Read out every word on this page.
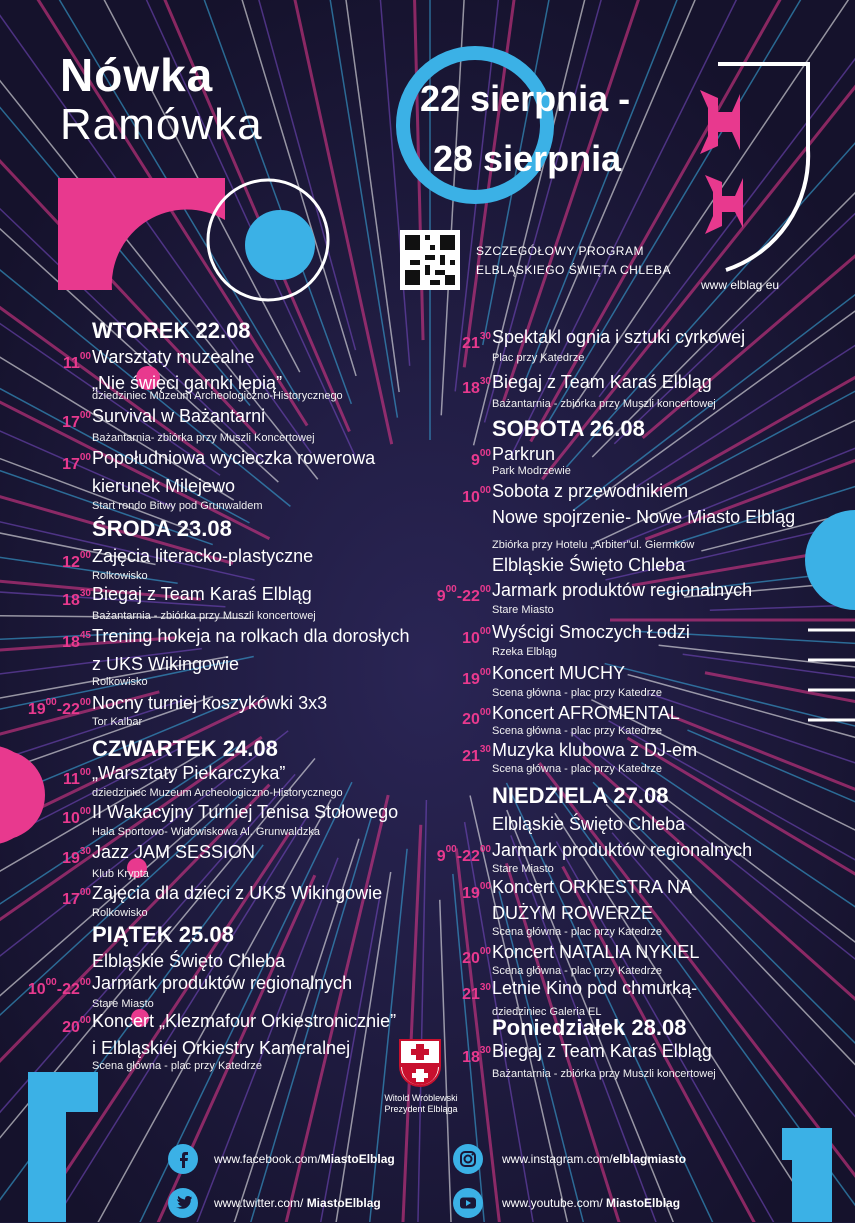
Nówka
Ramówka
22 sierpnia -
28 sierpnia
SZCZEGÓŁOWY PROGRAM
ELBLĄSKIEGO ŚWIĘTA CHLEBA
www elblag eu
WTOREK 22.08
$11^{00}$ Warsztaty muzealne
„Nie święci garnki lepią”
dziedziniec Muzeum Archeologiczno-Historycznego
$17^{00}$ Survival w Bażantarni
Bażantarnia- zbiórka przy Muszli Koncertowej
$17^{00}$ Popołudniowa wycieczka rowerowa
kierunek Milejewo
Start rondo Bitwy pod Grunwaldem
ŚRODA 23.08
$12^{00}$ Zajęcia literacko-plastyczne
Rolkowisko
$18^{30}$ Biegaj z Team Karaś Elbląg
Bażantarnia - zbiórka przy Muszli koncertowej
$18^{45}$ Trening hokeja na rolkach dla dorosłych
z UKS Wikingowie
Rolkowisko
$19^{00}-22^{00}$ Nocny turniej koszykówki 3x3
Tor Kalbar
CZWARTEK 24.08
$11^{00}$ „Warsztaty Piekarczyka”
dziedziniec Muzeum Archeologiczno-Historycznego
$10^{00}$ II Wakacyjny Turniej Tenisa Stołowego
Hala Sportowo- Widowiskowa Al. Grunwaldzka
$19^{30}$ Jazz JAM SESSION
Klub Krypta
$17^{00}$ Zajęcia dla dzieci z UKS Wikingowie
Rolkowisko
PIĄTEK 25.08
Elbląskie Święto Chleba
$10^{00}-22^{00}$ Jarmark produktów regionalnych
Stare Miasto
$20^{00}$ Koncert „Klezmafour Orkiestronicznie”
i Elbląskiej Orkiestry Kameralnej
Scena główna - plac przy Katedrze
$21^{30}$ Spektakl ognia i sztuki cyrkowej
Plac przy Katedrze
$18^{30}$ Biegaj z Team Karaś Elbląg
Bażantarnia - zbiórka przy Muszli koncertowej
SOBOTA 26.08
$9^{00}$ Parkrun
Park Modrzewie
$10^{00}$ Sobota z przewodnikiem
Nowe spojrzenie- Nowe Miasto Elbląg
Zbiórka przy Hotelu „Arbiter”ul. Giermków
Elbląskie Święto Chleba
$9^{00}-22^{00}$ Jarmark produktów regionalnych
Stare Miasto
$10^{00}$ Wyścigi Smoczych Łodzi
Rzeka Elbląg
$19^{00}$ Koncert MUCHY
Scena główna - plac przy Katedrze
$20^{00}$ Koncert AFROMENTAL
Scena główna - plac przy Katedrze
$21^{30}$ Muzyka klubowa z DJ-em
Scena główna - plac przy Katedrze
NIEDZIELA 27.08
Elbląskie Święto Chleba
$9^{00}-22^{00}$ Jarmark produktów regionalnych
Stare Miasto
$19^{00}$ Koncert ORKIESTRA NA
DUŻYM ROWERZE
Scena główna - plac przy Katedrze
$20^{00}$ Koncert NATALIA NYKIEL
Scena główna - plac przy Katedrze
$21^{30}$ Letnie Kino pod chmurką-
dziedziniec Galeria EL
Poniedziałek 28.08
$18^{30}$ Biegaj z Team Karaś Elbląg
Bażantarnia - zbiórka przy Muszli koncertowej
Witold Wróblewski
Prezydent Elbląga
www.facebook.com/MiastoElblag	www.instagram.com/elblagmiasto
www.twitter.com/ MiastoElblag	www.youtube.com/ MiastoElblag
